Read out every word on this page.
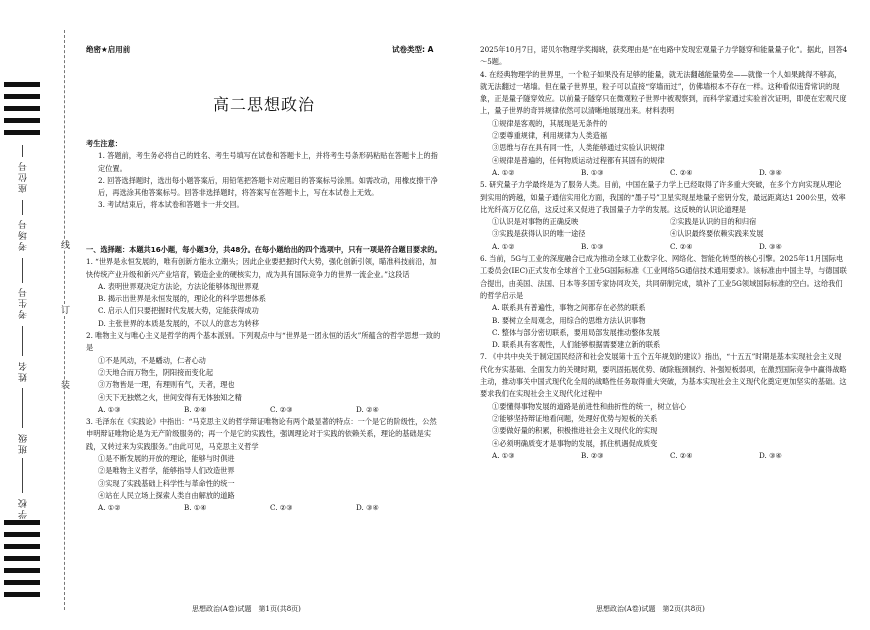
座位号
考场号
考生号
姓名
班级
学校
线
订
装
绝密★启用前	试卷类型: A
高二思想政治

考生注意：

1. 答题前，考生务必将自己的姓名、考生号填写在试卷和答题卡上，并将考生号条形码粘贴在答题卡上的指定位置。

2. 回答选择题时，选出每小题答案后，用铅笔把答题卡对应题目的答案标号涂黑。如需改动，用橡皮擦干净后，再选涂其他答案标号。回答非选择题时，将答案写在答题卡上，写在本试卷上无效。

3. 考试结束后，将本试卷和答题卡一并交回。

一、选择题：本题共16小题，每小题3分，共48分。在每小题给出的四个选项中，只有一项是符合题目要求的。

1. “世界是永恒发展的，唯有创新方能永立潮头；因此企业要把握时代大势，强化创新引领，瞄准科技前沿，加快传统产业升级和新兴产业培育，锻造企业的硬核实力，成为具有国际竞争力的世界一流企业。”这段话

A. 表明世界观决定方法论，方法论能够体现世界观

B. 揭示出世界是永恒发展的，理论化的科学思想体系

C. 启示人们只要把握时代发展大势，定能获得成功

D. 主张世界的本质是发展的，不以人的意志为转移

2. 唯物主义与唯心主义是哲学的两个基本派别。下列观点中与“世界是一团永恒的活火”所蕴含的哲学思想一致的是

①不是风动，不是幡动，仁者心动

②天地合而万物生，阴阳接而变化起

③万物皆是一理，有理则有气，天者，理也

④天下无独燃之火，世间安得有无体独知之精

A. ①③	B. ②④	C. ②③	D. ②④

3. 毛泽东在《实践论》中指出：“马克思主义的哲学辩证唯物论有两个最显著的特点：一个是它的阶级性，公然申明辩证唯物论是为无产阶级服务的；再一个是它的实践性，强调理论对于实践的依赖关系，理论的基础是实践，又转过来为实践服务。”由此可见，马克思主义哲学

①是不断发展的开放的理论，能够与时俱进

②是唯物主义哲学，能够指导人们改造世界

③实现了实践基础上科学性与革命性的统一

④站在人民立场上探索人类自由解放的道路

A. ①②	B. ①④	C. ②③	D. ③④
思想政治(A卷)试题　第1页(共8页)

2025年10月7日，诺贝尔物理学奖揭晓，获奖理由是“在电路中发现宏观量子力学隧穿和能量量子化”。据此，回答4～5题。

4. 在经典物理学的世界里，一个粒子如果没有足够的能量，就无法翻越能量势垒——就像一个人如果跳得不够高，就无法翻过一堵墙。但在量子世界里，粒子可以直接“穿墙而过”，仿佛墙根本不存在一样。这种看似违背常识的现象，正是量子隧穿效应。以前量子隧穿只在微观粒子世界中被观察到，而科学家通过实验首次证明，即使在宏观尺度上，量子世界的奇异规律依然可以清晰地展现出来。材料表明

①规律是客观的，其展现是无条件的

②要尊重规律，利用规律为人类造福

③思维与存在具有同一性，人类能够通过实验认识规律

④规律是普遍的，任何物质运动过程都有其固有的规律

A. ①②	B. ①③	C. ②④	D. ③④

5. 研究量子力学最终是为了服务人类。目前，中国在量子力学上已经取得了许多重大突破，在多个方向实现从理论到实用的跨越，如量子通信实用化方面，我国的“墨子号”卫星实现星地量子密钥分发，最远距离达1 200公里，效率比光纤高万亿亿倍，这反过来又促进了我国量子力学的发展。这反映的认识论道理是

①认识是对事物的正确反映	②实践是认识的目的和归宿
③实践是获得认识的唯一途径	④认识最终要依赖实践来发展
A. ①②	B. ①③	C. ②④	D. ③④

6. 当前，5G与工业的深度融合已成为推动全球工业数字化、网络化、智能化转型的核心引擎。2025年11月国际电工委员会(IEC)正式发布全球首个工业5G国际标准《工业网络5G通信技术通用要求》。该标准由中国主导，与德国联合提出，由美国、法国、日本等多国专家协同攻关，共同研制完成，填补了工业5G领域国际标准的空白。这给我们的哲学启示是

A. 联系具有普遍性，事物之间都存在必然的联系

B. 要树立全局观念，用综合的思维方法认识事物

C. 整体与部分密切联系，要用局部发展推动整体发展

D. 联系具有客观性，人们能够根据需要建立新的联系

7. 《中共中央关于制定国民经济和社会发展第十五个五年规划的建议》指出，“十五五”时期是基本实现社会主义现代化夯实基础、全面发力的关键时期，要巩固拓展优势、破除瓶颈制约、补强短板弱项，在激烈国际竞争中赢得战略主动，推动事关中国式现代化全局的战略性任务取得重大突破，为基本实现社会主义现代化奠定更加坚实的基础。这要求我们在实现社会主义现代化过程中

①要懂得事物发展的道路是前进性和曲折性的统一，树立信心

②能够坚持辩证地看问题，处理好优势与短板的关系

③要做好量的积累，积极推进社会主义现代化的实现

④必须明确质变才是事物的发展，抓住机遇促成质变

A. ①③	B. ②③	C. ②④	D. ③④
思想政治(A卷)试题　第2页(共8页)
